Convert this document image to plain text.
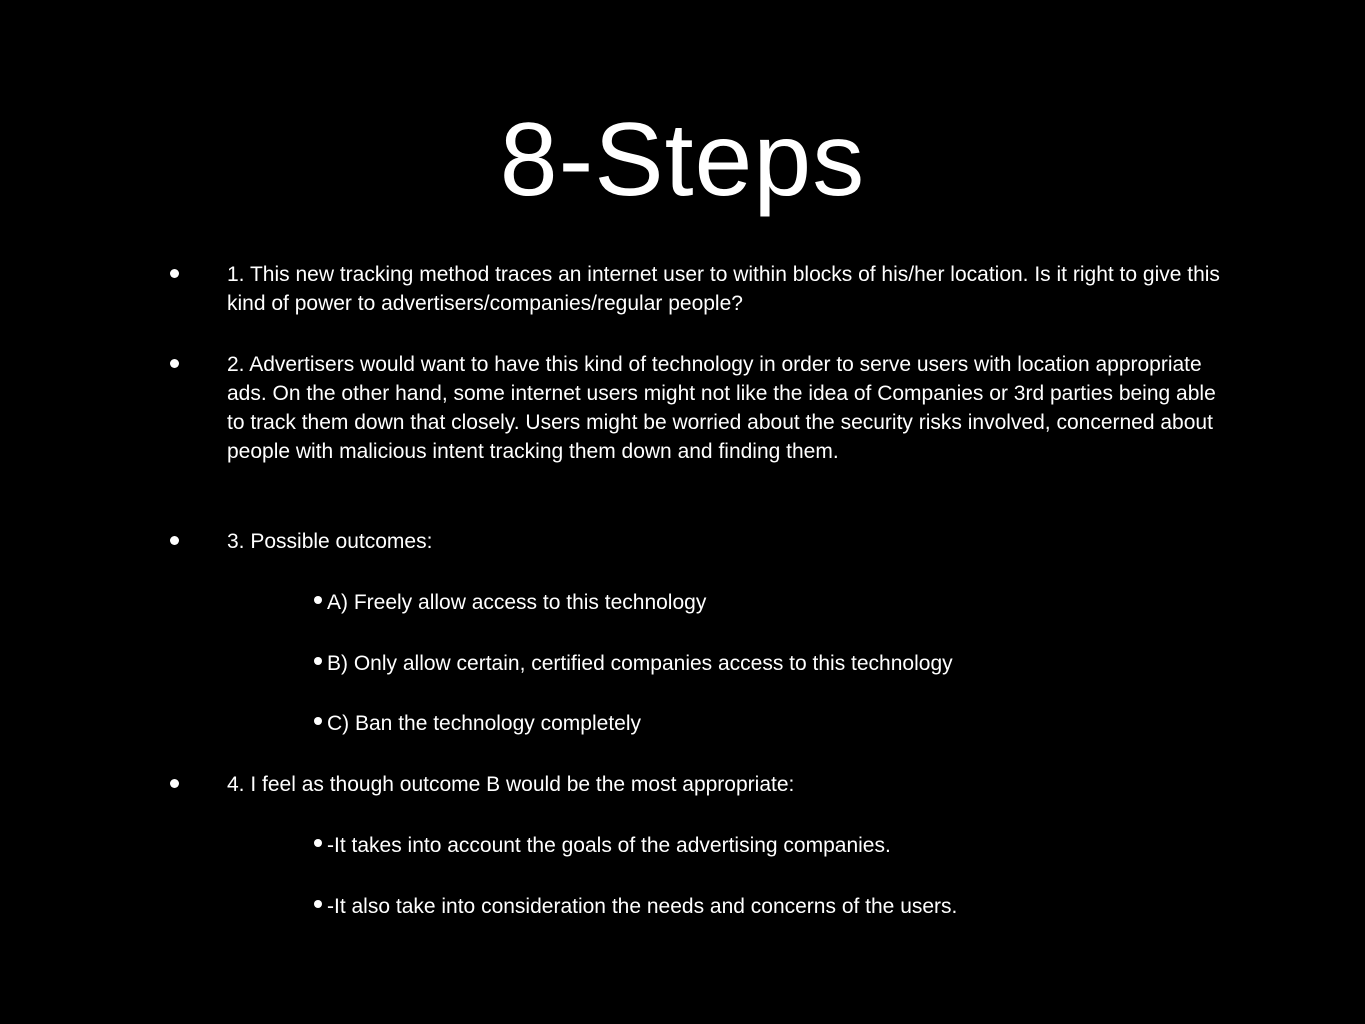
8-Steps
1. This new tracking method traces an internet user to within blocks of his/her location. Is it right to give this kind of power to advertisers/companies/regular people?
2. Advertisers would want to have this kind of technology in order to serve users with location appropriate ads. On the other hand, some internet users might not like the idea of Companies or 3rd parties being able to track them down that closely. Users might be worried about the security risks involved, concerned about people with malicious intent tracking them down and finding them.
3. Possible outcomes:
A) Freely allow access to this technology
B) Only allow certain, certified companies access to this technology
C) Ban the technology completely
4. I feel as though outcome B would be the most appropriate:
-It takes into account the goals of the advertising companies.
-It also take into consideration the needs and concerns of the users.
